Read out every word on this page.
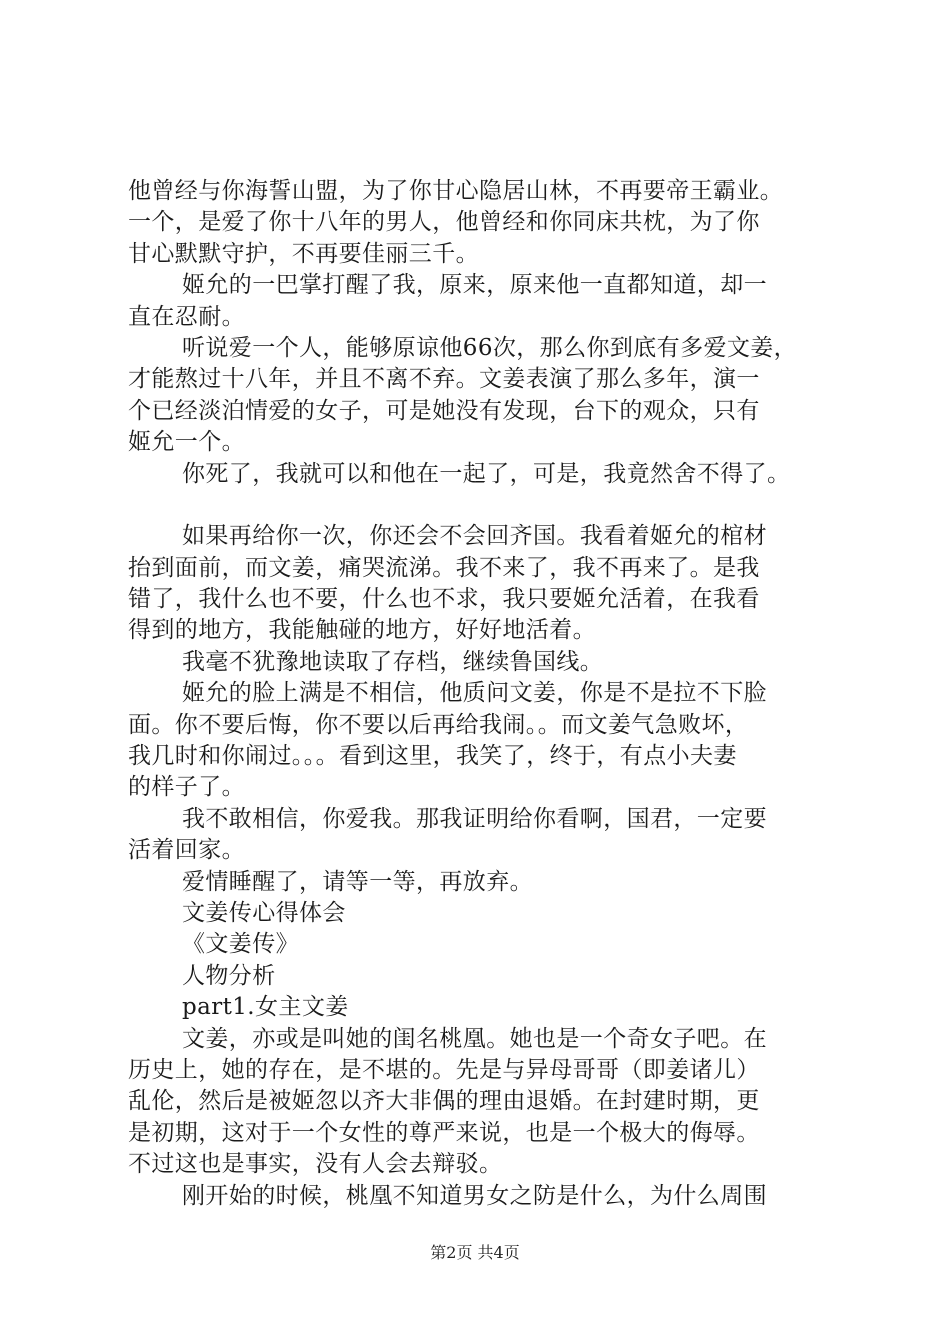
他曾经与你海誓山盟，为了你甘心隐居山林，不再要帝王霸业。
一个，是爱了你十八年的男人，他曾经和你同床共枕，为了你
甘心默默守护，不再要佳丽三千。
姬允的一巴掌打醒了我，原来，原来他一直都知道，却一
直在忍耐。
听说爱一个人，能够原谅他66次，那么你到底有多爱文姜，
才能熬过十八年，并且不离不弃。文姜表演了那么多年，演一
个已经淡泊情爱的女子，可是她没有发现，台下的观众，只有
姬允一个。
你死了，我就可以和他在一起了，可是，我竟然舍不得了。
如果再给你一次，你还会不会回齐国。我看着姬允的棺材
抬到面前，而文姜，痛哭流涕。我不来了，我不再来了。是我
错了，我什么也不要，什么也不求，我只要姬允活着，在我看
得到的地方，我能触碰的地方，好好地活着。
我毫不犹豫地读取了存档，继续鲁国线。
姬允的脸上满是不相信，他质问文姜，你是不是拉不下脸
面。你不要后悔，你不要以后再给我闹。。而文姜气急败坏，
我几时和你闹过。。。看到这里，我笑了，终于，有点小夫妻
的样子了。
我不敢相信，你爱我。那我证明给你看啊，国君，一定要
活着回家。
爱情睡醒了，请等一等，再放弃。
文姜传心得体会
《文姜传》
人物分析
part1.女主文姜
文姜，亦或是叫她的闺名桃凰。她也是一个奇女子吧。在
历史上，她的存在，是不堪的。先是与异母哥哥（即姜诸儿）
乱伦，然后是被姬忽以齐大非偶的理由退婚。在封建时期，更
是初期，这对于一个女性的尊严来说，也是一个极大的侮辱。
不过这也是事实，没有人会去辩驳。
刚开始的时候，桃凰不知道男女之防是什么，为什么周围
第2页 共4页
